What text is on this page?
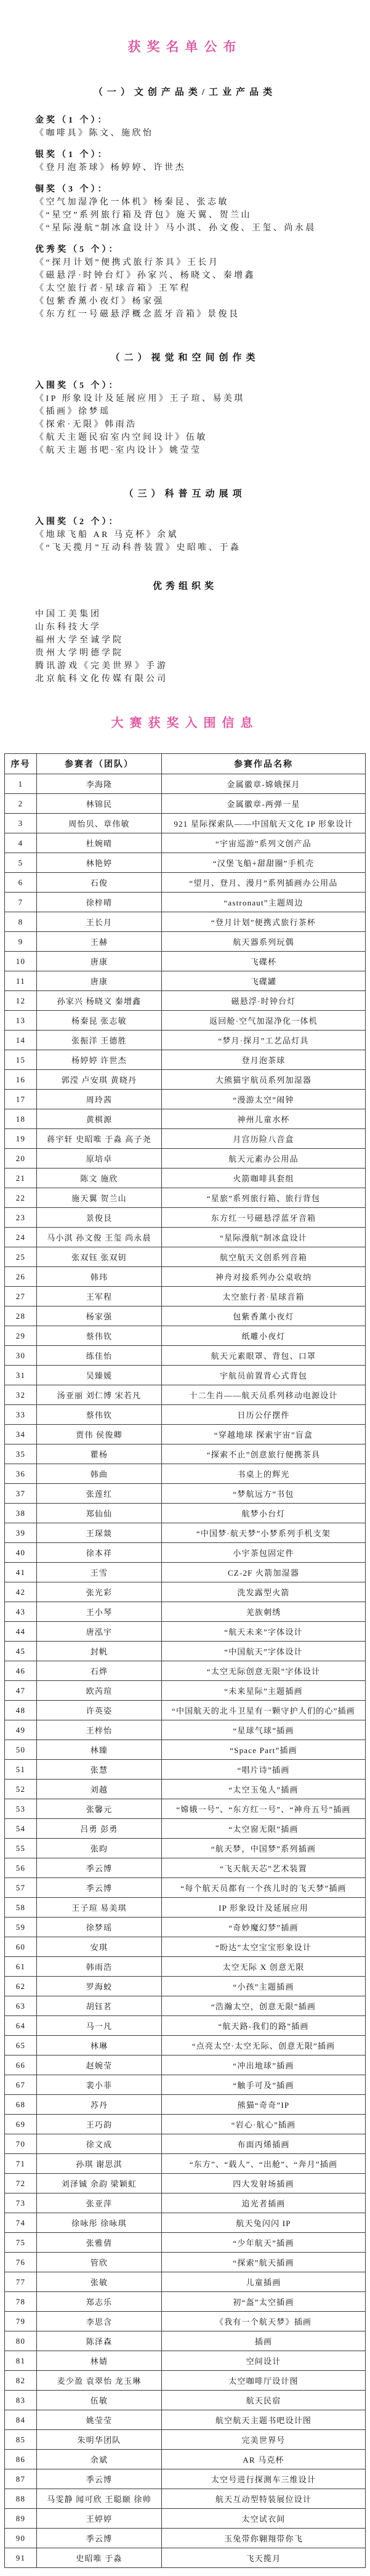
获奖名单公布
（一）文创产品类/工业产品类
金奖（1 个）：
《咖啡具》陈文、施欣怡
银奖（1 个）：
《登月泡茶球》杨婷婷、许世杰
铜奖（3 个）：
《空气加湿净化一体机》杨秦昆、张志敏
《“星空”系列旅行箱及背包》施天翼、贺兰山
《“星际漫航”制冰盒设计》马小淇、孙文俊、王玺、尚永晨
优秀奖（5 个）：
《“探月计划”便携式旅行茶具》王长月
《磁悬浮·时钟台灯》孙家兴、杨晓文、秦增鑫
《太空旅行者·星球音箱》王军程
《包紫香薰小夜灯》杨家强
《东方红一号磁悬浮概念蓝牙音箱》景俊艮
（二）视觉和空间创作类
入围奖（5 个）：
《IP 形象设计及延展应用》王子瑄、易美琪
《插画》徐梦瑶
《探索·无限》韩雨浩
《航天主题民宿室内空间设计》伍敏
《航天主题书吧·室内设计》姚莹莹
（三）科普互动展项
入围奖（2 个）：
《地球飞船 AR 马克杯》余斌
《“飞天揽月”互动科普装置》史昭唯、于淼
优秀组织奖
中国工美集团
山东科技大学
福州大学至诚学院
贵州大学明德学院
腾讯游戏《完美世界》手游
北京航科文化传媒有限公司
大赛获奖入围信息
序号	参赛者（团队）	参赛作品名称
1	李海隆	金属徽章-嫦娥探月
2	林锦民	金属徽章-两弹一星
3	周怡贝、章伟敏	921 星际探索队——中国航天文化 IP 形象设计
4	杜婉晴	“宇宙巡游”系列文创产品
5	林艳婷	“汉堡飞船+甜甜圈”手机壳
6	石俊	“望月、登月、漫月”系列插画办公用品
7	徐梓晴	“astronaut”主题周边
8	王长月	“登月计划”便携式旅行茶杯
9	王赫	航天器系列玩偶
10	唐康	飞碟杯
11	唐康	飞碟罐
12	孙家兴 杨晓文 秦增鑫	磁悬浮·时钟台灯
13	杨秦昆 张志敏	返回舱·空气加湿净化一体机
14	张振洋 王德胜	“梦月·探月”工艺品灯具
15	杨婷婷 许世杰	登月泡茶球
16	郭滢 卢安琪 黄晓丹	大熊猫宇航员系列加湿器
17	周玲茜	“漫游太空”闹钟
18	黄棋源	神州儿童水杯
19	蒋宇轩 史昭唯 于淼 高子尧	月宫历险八音盒
20	原培卓	航天元素办公用品
21	陈文 施欣	火箭咖啡具套组
22	施天翼 贺兰山	“星旅”系列旅行箱、旅行背包
23	景俊艮	东方红一号磁悬浮蓝牙音箱
24	马小淇 孙文俊 王玺 尚永晨	“星际漫航”制冰盒设计
25	张双钰 张双钥	航空航天文创系列音箱
26	韩玮	神舟对接系列办公桌收纳
27	王军程	太空旅行者·星球音箱
28	杨家强	包紫香薰小夜灯
29	蔡伟钦	纸雕小夜灯
30	练佳怡	航天元素眼罩、背包、口罩
31	吴臻媛	宇航员前置背心式背包
32	汤亚丽 刘仁博 宋若凡	十二生肖——航天员系列移动电源设计
33	蔡伟钦	日历公仔摆件
34	贾伟 侯俊卿	“穿越地球 探索宇宙”盲盒
35	瞿杨	“探索不止”创意旅行便携茶具
36	韩曲	书桌上的辉光
37	张莲红	“梦航远方”书包
38	郑仙仙	航梦小台灯
39	王琛燚	“中国梦·航天梦”小梦系列手机支架
40	徐本祥	小宇茶包固定件
41	王雪	CZ-2F 火箭加湿器
42	张光彩	洗发露型火箭
43	王小琴	羌族刺绣
44	唐泓宇	“航天未来”字体设计
45	封帆	“中国航天”字体设计
46	石烨	“太空无际创意无限”字体设计
47	欧芮瑄	“未来星际”主题插画
48	许英姿	“中国航天的北斗卫星有一颗守护人们的心”插画
49	王梓怡	“星球气球”插画
50	林臻	“Space Part”插画
51	张慧	“唱片诗”插画
52	刘越	“太空玉兔人”插画
53	张馨元	“嫦娥一号”、“东方红一号”、“神舟五号”插画
54	吕勇 彭勇	“太空窗无限”插画
55	张昀	“航天梦，中国梦”系列插画
56	季云博	“飞天航天芯”艺术装置
57	季云博	“每个航天员都有一个孩儿时的飞天梦”插画
58	王子瑄 易美琪	IP 形象设计及延展应用
59	徐梦瑶	“奇妙魔幻梦”插画
60	安琪	“盼达”太空宝宝形象设计
61	韩雨浩	太空无际 X 创意无限
62	罗海蛟	“小孩”主题插画
63	胡钰茗	“浩瀚太空，创意无限”插画
64	马一凡	“航天路-我们的路”插画
65	林琳	“点亮太空·太空无际、创意无限”插画
66	赵婉莹	“冲出地球”插画
67	裴小菲	“触手可及”插画
68	苏丹	熊猫“奇奇”IP
69	王巧韵	“岩心·航心”插画
70	徐文成	布面丙烯插画
71	孙琪 谢思淇	“东方”、“载人”、“出舱”、“奔月”插画
72	刘泽铖 余韵 梁颖虹	四大发射场插画
73	张亚萍	追光者插画
74	徐咏彤 徐咏琪	航天兔闪闪 IP
75	张雅倩	“少年航天”插画
76	管欣	“探索”航天插画
77	张敏	儿童插画
78	郑志乐	初“盔”太空插画
79	李思含	《我有一个航天梦》插画
80	陈泽森	插画
81	林婧	空间设计
82	麦少盈 袁翠怡 龙玉琳	太空咖啡厅设计图
83	伍敏	航天民宿
84	姚莹莹	航空航天主题书吧设计图
85	朱明华团队	完美世界号
86	余斌	AR 马克杯
87	季云博	太空号进行探测车三维设计
88	马雯静 闻可欣 王聪颐 徐帅	航天互动型特装展位设计
89	王婷婷	太空试衣间
90	季云博	玉兔带你翱翔带你飞
91	史昭唯 于淼	飞天揽月
